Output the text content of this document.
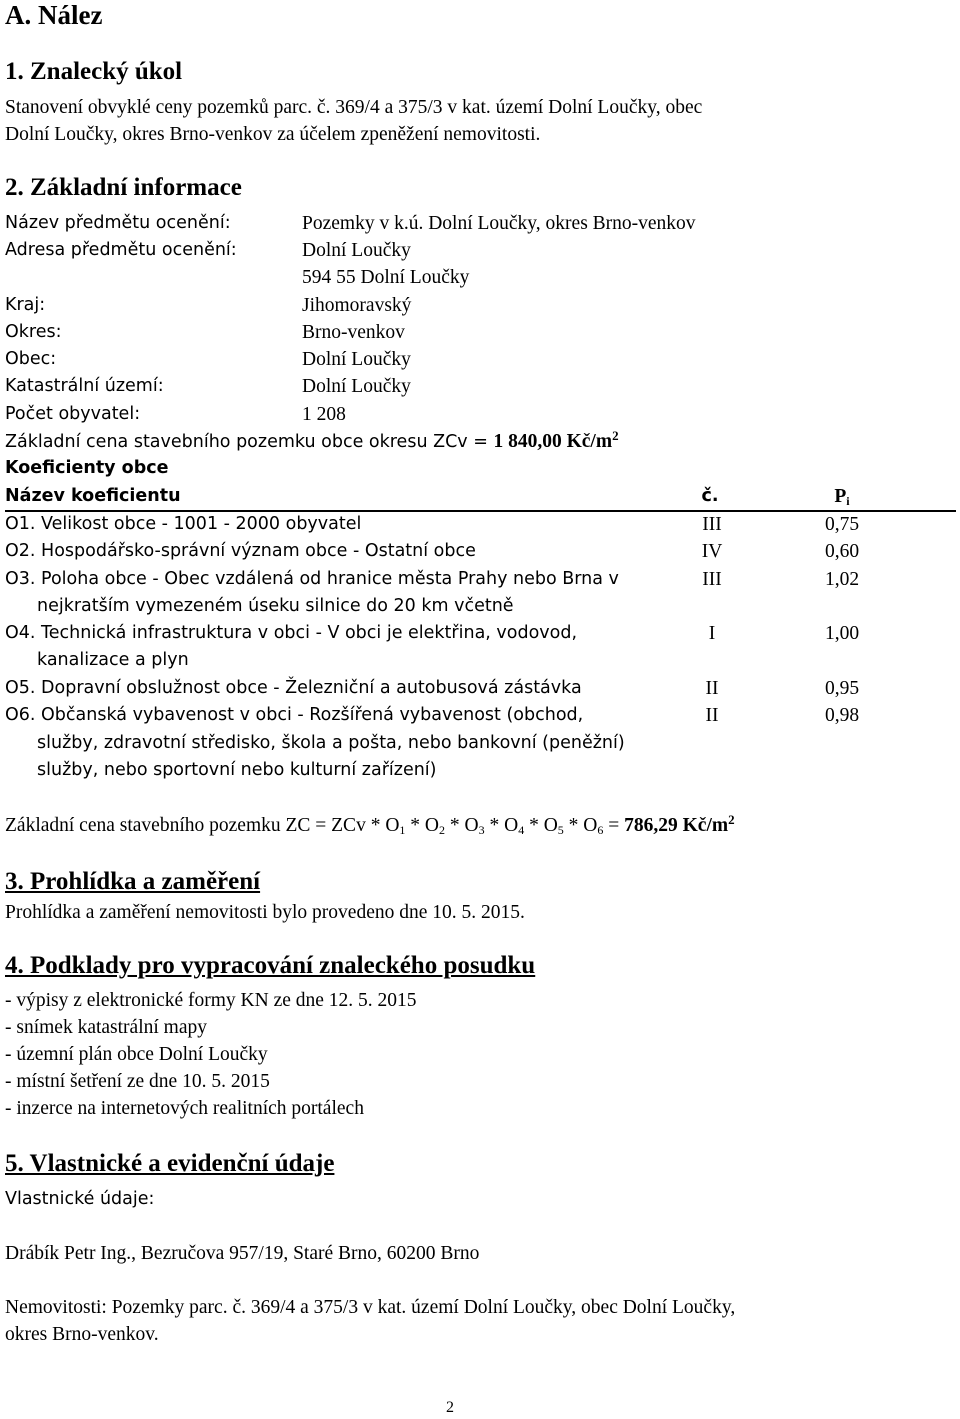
A. Nález
1. Znalecký úkol
Stanovení obvyklé ceny pozemků parc. č. 369/4 a 375/3 v kat. území Dolní Loučky, obec
Dolní Loučky, okres Brno-venkov za účelem zpeněžení nemovitosti.
2. Základní informace
Název předmětu ocenění:	Pozemky v k.ú. Dolní Loučky, okres Brno-venkov
Adresa předmětu ocenění:	Dolní Loučky
594 55 Dolní Loučky
Kraj:	Jihomoravský
Okres:	Brno-venkov
Obec:	Dolní Loučky
Katastrální území:	Dolní Loučky
Počet obyvatel:	1 208
Základní cena stavebního pozemku obce okresu ZCv = 1 840,00 $Kč/m^2$
Koeficienty obce
Název koeficientu	č.	$P_i$
O1. Velikost obce - 1001 - 2000 obyvatel	III	0,75
O2. Hospodářsko-správní význam obce - Ostatní obce	IV	0,60
O3. Poloha obce - Obec vzdálená od hranice města Prahy nebo Brna v
nejkratším vymezeném úseku silnice do 20 km včetně
III	1,02
O4. Technická infrastruktura v obci - V obci je elektřina, vodovod,
kanalizace a plyn
I	1,00
O5. Dopravní obslužnost obce - Železniční a autobusová zástávka	II	0,95
O6. Občanská vybavenost v obci - Rozšířená vybavenost (obchod,
služby, zdravotní středisko, škola a pošta, nebo bankovní (peněžní)
služby, nebo sportovní nebo kulturní zařízení)
II	0,98
Základní cena stavebního pozemku ZC = ZCv * $O_1 * O_2 * O_3 * O_4 * O_5 * O_6 = 786,29$ $Kč/m^2$
3. Prohlídka a zaměření
Prohlídka a zaměření nemovitosti bylo provedeno dne 10. 5. 2015.
4. Podklady pro vypracování znaleckého posudku
- výpisy z elektronické formy KN ze dne 12. 5. 2015
- snímek katastrální mapy
- územní plán obce Dolní Loučky
- místní šetření ze dne 10. 5. 2015
- inzerce na internetových realitních portálech
5. Vlastnické a evidenční údaje
Vlastnické údaje:
Drábík Petr Ing., Bezručova 957/19, Staré Brno, 60200 Brno
Nemovitosti: Pozemky parc. č. 369/4 a 375/3 v kat. území Dolní Loučky, obec Dolní Loučky,
okres Brno-venkov.
2
